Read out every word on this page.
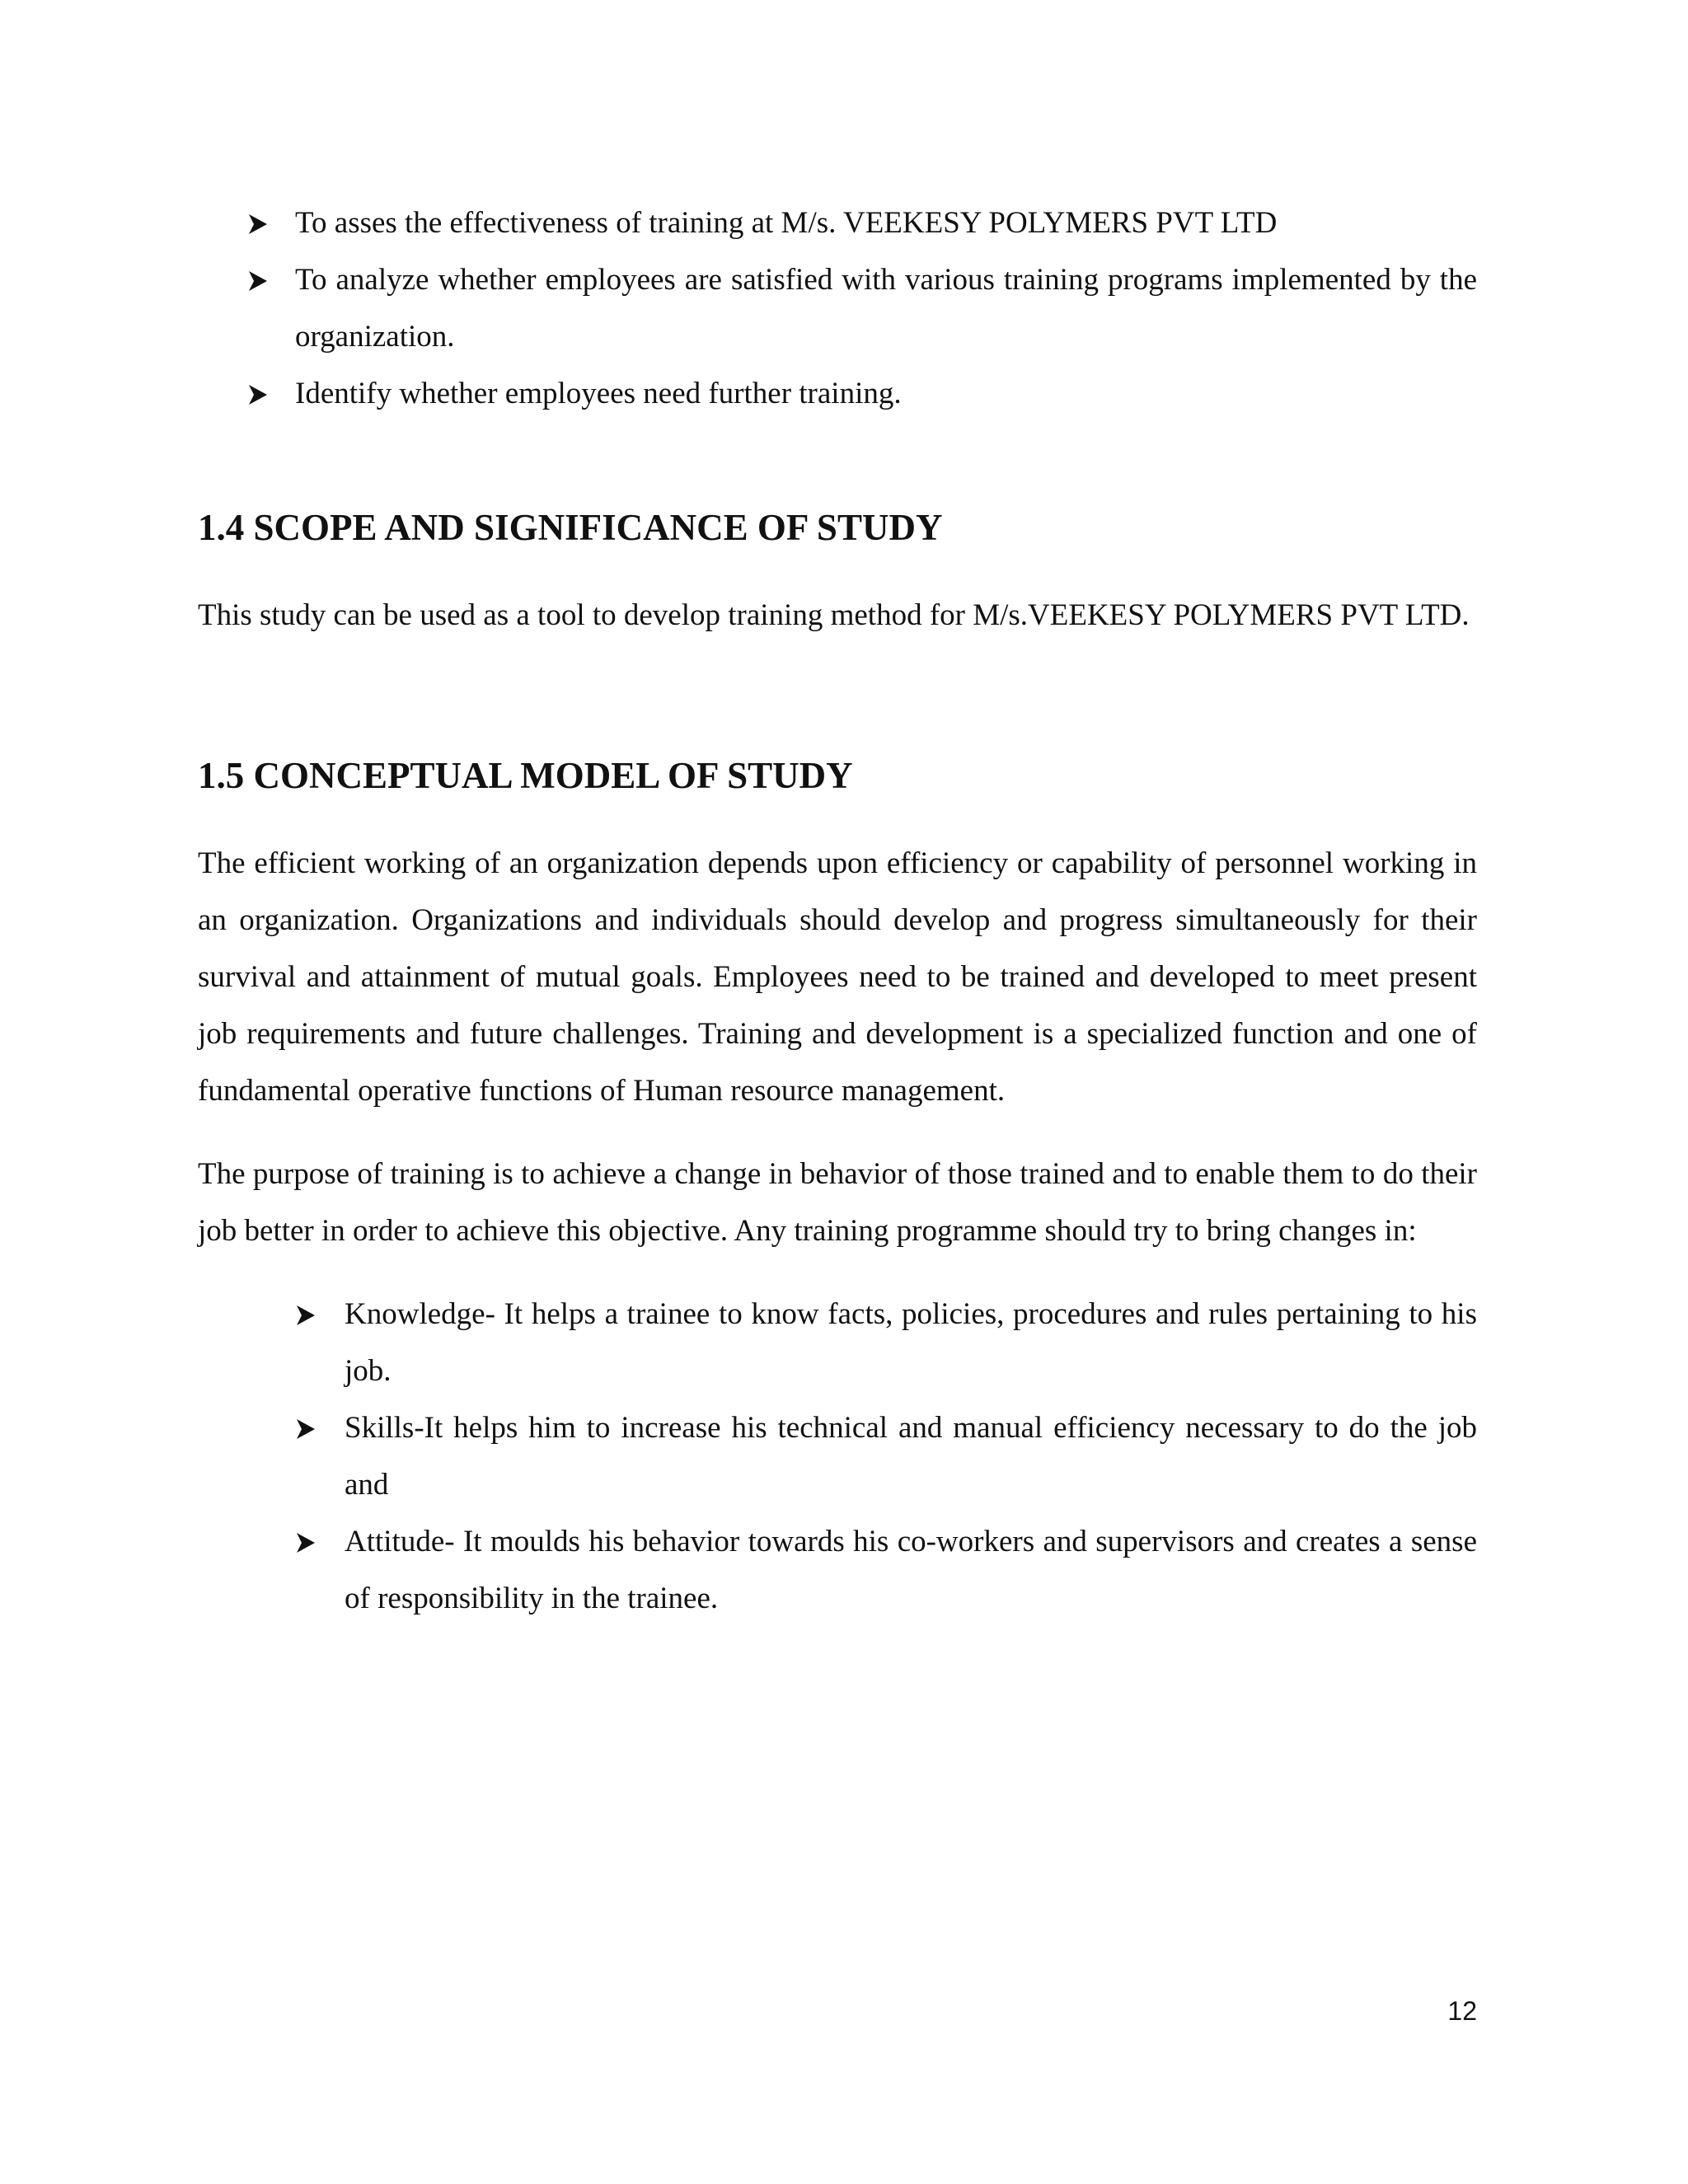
To asses the effectiveness of training at M/s. VEEKESY POLYMERS PVT LTD
To analyze whether employees are satisfied with various training programs implemented by the organization.
Identify whether employees need further training.
1.4 SCOPE AND SIGNIFICANCE OF STUDY

This study can be used as a tool to develop training method for M/s.VEEKESY POLYMERS PVT LTD.

1.5 CONCEPTUAL MODEL OF STUDY

The efficient working of an organization depends upon efficiency or capability of personnel working in an organization. Organizations and individuals should develop and progress simultaneously for their survival and attainment of mutual goals. Employees need to be trained and developed to meet present job requirements and future challenges. Training and development is a specialized function and one of fundamental operative functions of Human resource management.

The purpose of training is to achieve a change in behavior of those trained and to enable them to do their job better in order to achieve this objective. Any training programme should try to bring changes in:

Knowledge- It helps a trainee to know facts, policies, procedures and rules pertaining to his job.
Skills-It helps him to increase his technical and manual efficiency necessary to do the job and
Attitude- It moulds his behavior towards his co-workers and supervisors and creates a sense of responsibility in the trainee.
12
